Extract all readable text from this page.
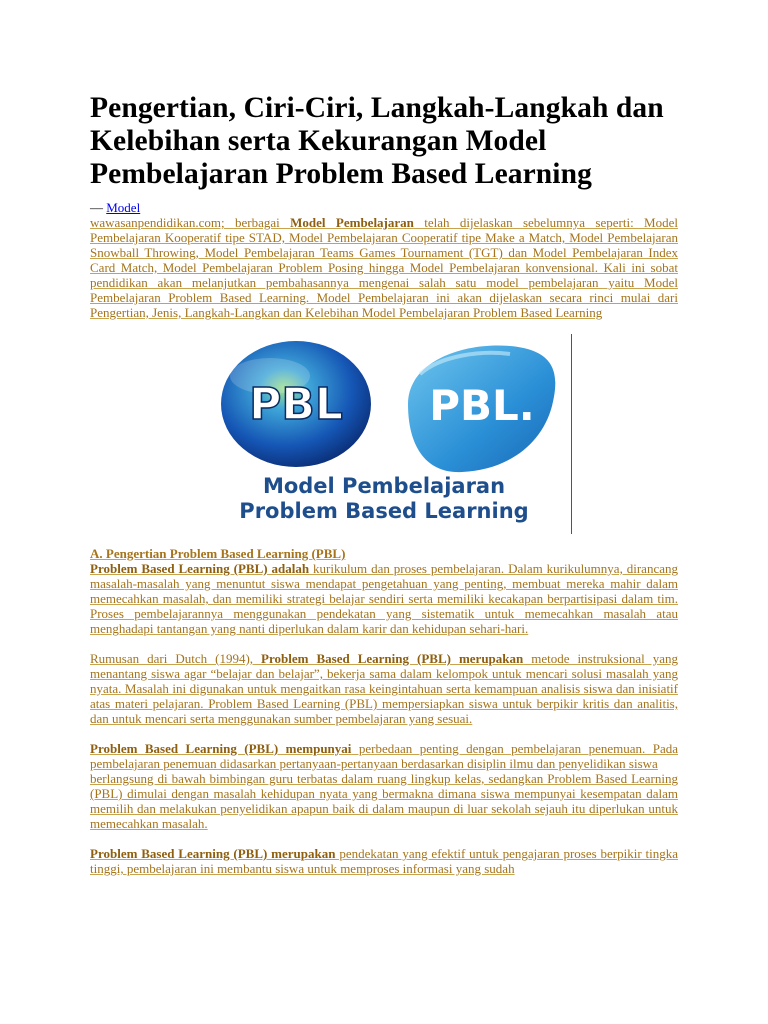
Pengertian, Ciri-Ciri, Langkah-Langkah dan Kelebihan serta Kekurangan Model Pembelajaran Problem Based Learning
— Model

wawasanpendidikan.com; berbagai Model Pembelajaran telah dijelaskan sebelumnya seperti: Model Pembelajaran Kooperatif tipe STAD, Model Pembelajaran Cooperatif tipe Make a Match, Model Pembelajaran Snowball Throwing, Model Pembelajaran Teams Games Tournament (TGT) dan Model Pembelajaran Index Card Match, Model Pembelajaran Problem Posing hingga Model Pembelajaran konvensional. Kali ini sobat pendidikan akan melanjutkan pembahasannya mengenai salah satu model pembelajaran yaitu Model Pembelajaran Problem Based Learning. Model Pembelajaran ini akan dijelaskan secara rinci mulai dari Pengertian, Jenis, Langkah-Langkan dan Kelebihan Model Pembelajaran Problem Based Learning

PBL PBL.
Model Pembelajaran
Problem Based Learning

A. Pengertian Problem Based Learning (PBL)

Problem Based Learning (PBL) adalah kurikulum dan proses pembelajaran. Dalam kurikulumnya, dirancang masalah-masalah yang menuntut siswa mendapat pengetahuan yang penting, membuat mereka mahir dalam memecahkan masalah, dan memiliki strategi belajar sendiri serta memiliki kecakapan berpartisipasi dalam tim. Proses pembelajarannya menggunakan pendekatan yang sistematik untuk memecahkan masalah atau menghadapi tantangan yang nanti diperlukan dalam karir dan kehidupan sehari-hari.

Rumusan dari Dutch (1994), Problem Based Learning (PBL) merupakan metode instruksional yang menantang siswa agar “belajar dan belajar”, bekerja sama dalam kelompok untuk mencari solusi masalah yang nyata. Masalah ini digunakan untuk mengaitkan rasa keingintahuan serta kemampuan analisis siswa dan inisiatif atas materi pelajaran. Problem Based Learning (PBL) mempersiapkan siswa untuk berpikir kritis dan analitis, dan untuk mencari serta menggunakan sumber pembelajaran yang sesuai.

Problem Based Learning (PBL) mempunyai perbedaan penting dengan pembelajaran penemuan. Pada pembelajaran penemuan didasarkan pertanyaan-pertanyaan berdasarkan disiplin ilmu dan penyelidikan siswa

berlangsung di bawah bimbingan guru terbatas dalam ruang lingkup kelas, sedangkan Problem Based Learning (PBL) dimulai dengan masalah kehidupan nyata yang bermakna dimana siswa mempunyai kesempatan dalam memilih dan melakukan penyelidikan apapun baik di dalam maupun di luar sekolah sejauh itu diperlukan untuk memecahkan masalah.

Problem Based Learning (PBL) merupakan pendekatan yang efektif untuk pengajaran proses berpikir tingka tinggi, pembelajaran ini membantu siswa untuk memproses informasi yang sudah
